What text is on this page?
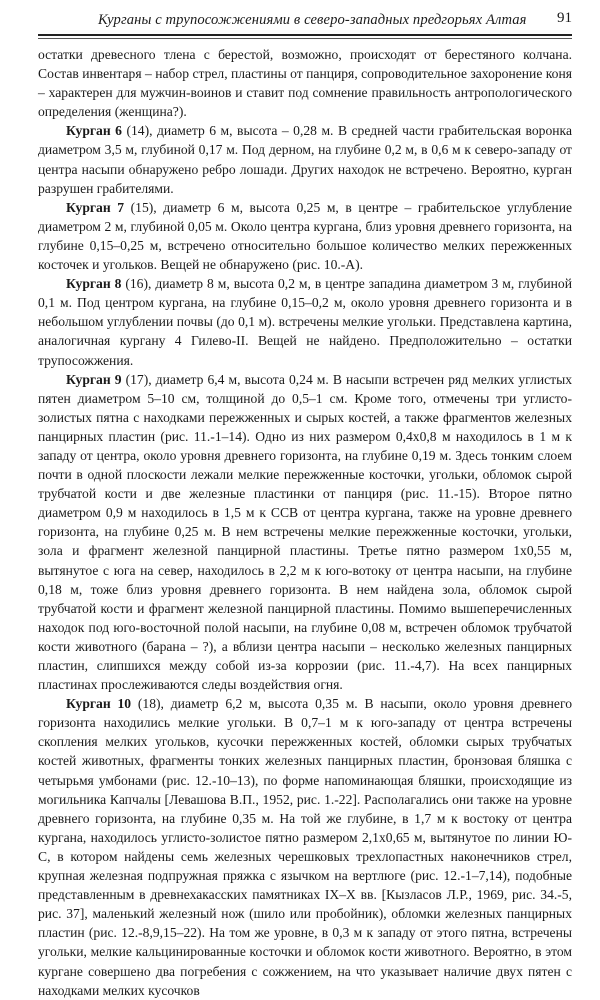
Курганы с трупосожжениями в северо-западных предгорьях Алтая 91

остатки древесного тлена с берестой, возможно, происходят от берестяного колчана. Состав инвентаря – набор стрел, пластины от панциря, сопроводительное захоронение коня – характерен для мужчин-воинов и ставит под сомнение правильность антропологического определения (женщина?).

Курган 6 (14), диаметр 6 м, высота – 0,28 м. В средней части грабительская воронка диаметром 3,5 м, глубиной 0,17 м. Под дерном, на глубине 0,2 м, в 0,6 м к северо-западу от центра насыпи обнаружено ребро лошади. Других находок не встречено. Вероятно, курган разрушен грабителями.

Курган 7 (15), диаметр 6 м, высота 0,25 м, в центре – грабительское углубление диаметром 2 м, глубиной 0,05 м. Около центра кургана, близ уровня древнего горизонта, на глубине 0,15–0,25 м, встречено относительно большое количество мелких пережженных косточек и угольков. Вещей не обнаружено (рис. 10.-А).

Курган 8 (16), диаметр 8 м, высота 0,2 м, в центре западина диаметром 3 м, глубиной 0,1 м. Под центром кургана, на глубине 0,15–0,2 м, около уровня древнего горизонта и в небольшом углублении почвы (до 0,1 м). встречены мелкие угольки. Представлена картина, аналогичная кургану 4 Гилево-II. Вещей не найдено. Предположительно – остатки трупосожжения.

Курган 9 (17), диаметр 6,4 м, высота 0,24 м. В насыпи встречен ряд мелких углистых пятен диаметром 5–10 см, толщиной до 0,5–1 см. Кроме того, отмечены три углисто-золистых пятна с находками пережженных и сырых костей, а также фрагментов железных панцирных пластин (рис. 11.-1–14). Одно из них размером 0,4х0,8 м находилось в 1 м к западу от центра, около уровня древнего горизонта, на глубине 0,19 м. Здесь тонким слоем почти в одной плоскости лежали мелкие пережженные косточки, угольки, обломок сырой трубчатой кости и две железные пластинки от панциря (рис. 11.-15). Второе пятно диаметром 0,9 м находилось в 1,5 м к ССВ от центра кургана, также на уровне древнего горизонта, на глубине 0,25 м. В нем встречены мелкие пережженные косточки, угольки, зола и фрагмент железной панцирной пластины. Третье пятно размером 1х0,55 м, вытянутое с юга на север, находилось в 2,2 м к юго-вотоку от центра насыпи, на глубине 0,18 м, тоже близ уровня древнего горизонта. В нем найдена зола, обломок сырой трубчатой кости и фрагмент железной панцирной пластины. Помимо вышеперечисленных находок под юго-восточной полой насыпи, на глубине 0,08 м, встречен обломок трубчатой кости животного (барана – ?), а вблизи центра насыпи – несколько железных панцирных пластин, слипшихся между собой из-за коррозии (рис. 11.-4,7). На всех панцирных пластинах прослеживаются следы воздействия огня.

Курган 10 (18), диаметр 6,2 м, высота 0,35 м. В насыпи, около уровня древнего горизонта находились мелкие угольки. В 0,7–1 м к юго-западу от центра встречены скопления мелких угольков, кусочки пережженных костей, обломки сырых трубчатых костей животных, фрагменты тонких железных панцирных пластин, бронзовая бляшка с четырьмя умбонами (рис. 12.-10–13), по форме напоминающая бляшки, происходящие из могильника Капчалы [Левашова В.П., 1952, рис. 1.-22]. Располагались они также на уровне древнего горизонта, на глубине 0,35 м. На той же глубине, в 1,7 м к востоку от центра кургана, находилось углисто-золистое пятно размером 2,1х0,65 м, вытянутое по линии Ю-С, в котором найдены семь железных черешковых трехлопастных наконечников стрел, крупная железная подпружная пряжка с язычком на вертлюге (рис. 12.-1–7,14), подобные представленным в древнехакасских памятниках IX–X вв. [Кызласов Л.Р., 1969, рис. 34.-5, рис. 37], маленький железный нож (шило или пробойник), обломки железных панцирных пластин (рис. 12.-8,9,15–22). На том же уровне, в 0,3 м к западу от этого пятна, встречены угольки, мелкие кальцинированные косточки и обломок кости животного. Вероятно, в этом кургане совершено два погребения с сожжением, на что указывает наличие двух пятен с находками мелких кусочков
